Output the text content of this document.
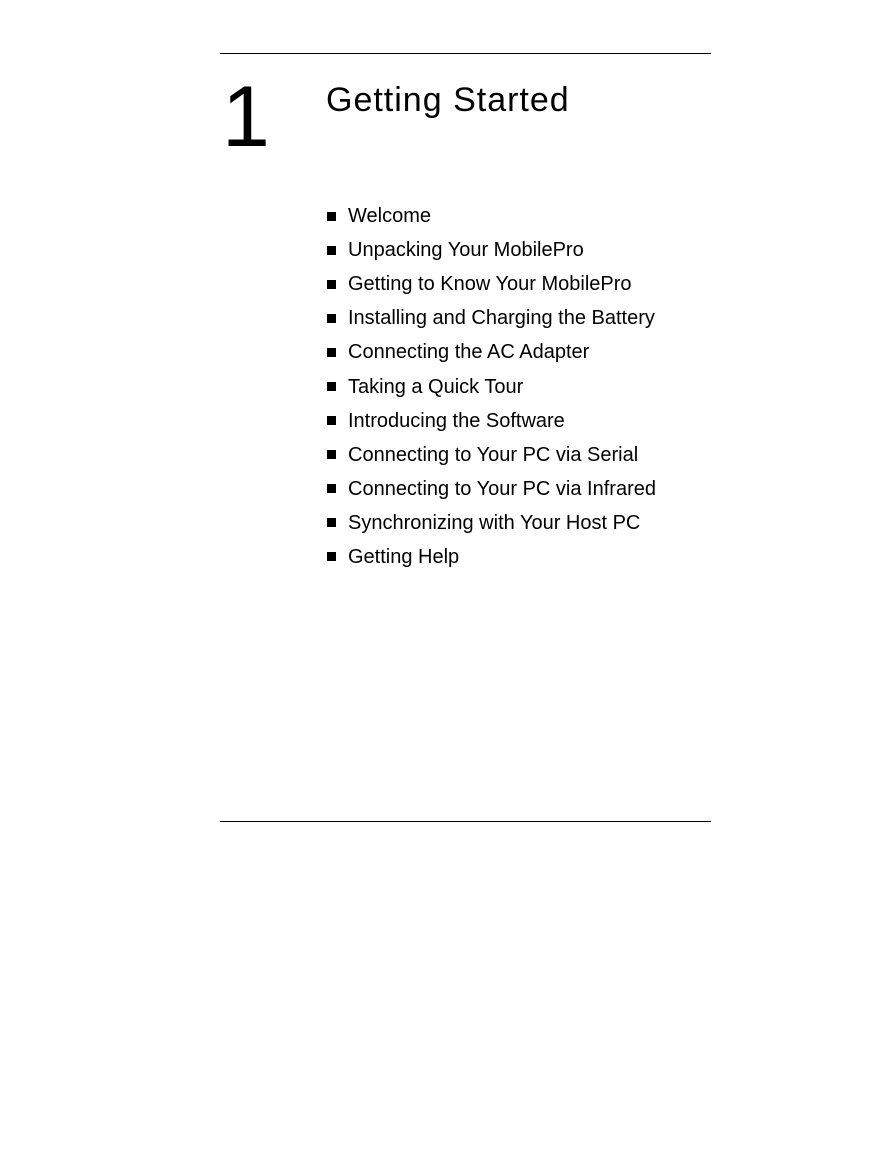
1 Getting Started
Welcome
Unpacking Your MobilePro
Getting to Know Your MobilePro
Installing and Charging the Battery
Connecting the AC Adapter
Taking a Quick Tour
Introducing the Software
Connecting to Your PC via Serial
Connecting to Your PC via Infrared
Synchronizing with Your Host PC
Getting Help
